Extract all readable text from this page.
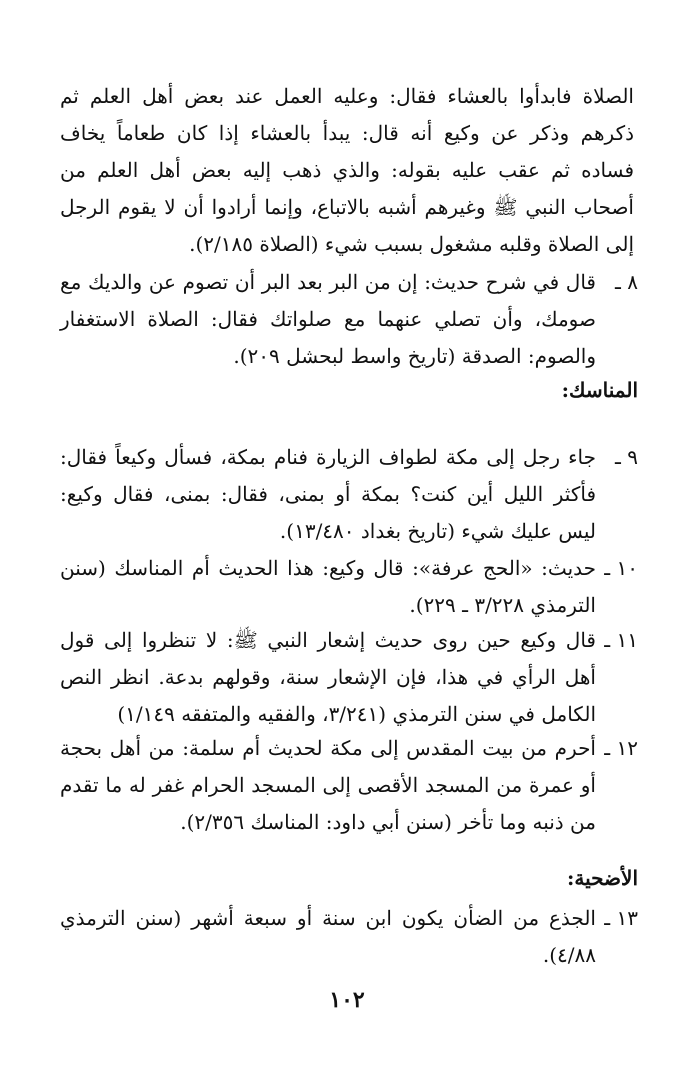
الصلاة فابدأوا بالعشاء فقال: وعليه العمل عند بعض أهل العلم ثم ذكرهم وذكر عن وكيع أنه قال: يبدأ بالعشاء إذا كان طعاماً يخاف فساده ثم عقب عليه بقوله: والذي ذهب إليه بعض أهل العلم من أصحاب النبي ﷺ وغيرهم أشبه بالاتباع، وإنما أرادوا أن لا يقوم الرجل إلى الصلاة وقلبه مشغول بسبب شيء (الصلاة ٢/١٨٥).
٨ ـ
قال في شرح حديث: إن من البر بعد البر أن تصوم عن والديك مع صومك، وأن تصلي عنهما مع صلواتك فقال: الصلاة الاستغفار والصوم: الصدقة (تاريخ واسط لبحشل ٢٠٩).
المناسك:
٩ ـ
جاء رجل إلى مكة لطواف الزيارة فنام بمكة، فسأل وكيعاً فقال: فأكثر الليل أين كنت؟ بمكة أو بمنى، فقال: بمنى، فقال وكيع: ليس عليك شيء (تاريخ بغداد ١٣/٤٨٠).
١٠ ـ
حديث: «الحج عرفة»: قال وكيع: هذا الحديث أم المناسك (سنن الترمذي ٣/٢٢٨ ـ ٢٢٩).
١١ ـ
قال وكيع حين روى حديث إشعار النبي ﷺ: لا تنظروا إلى قول أهل الرأي في هذا، فإن الإشعار سنة، وقولهم بدعة. انظر النص الكامل في سنن الترمذي (٣/٢٤١، والفقيه والمتفقه ١/١٤٩)
١٢ ـ
أحرم من بيت المقدس إلى مكة لحديث أم سلمة: من أهل بحجة أو عمرة من المسجد الأقصى إلى المسجد الحرام غفر له ما تقدم من ذنبه وما تأخر (سنن أبي داود: المناسك ٢/٣٥٦).
الأضحية:
١٣ ـ
الجذع من الضأن يكون ابن سنة أو سبعة أشهر (سنن الترمذي ٤/٨٨).
١٠٢
